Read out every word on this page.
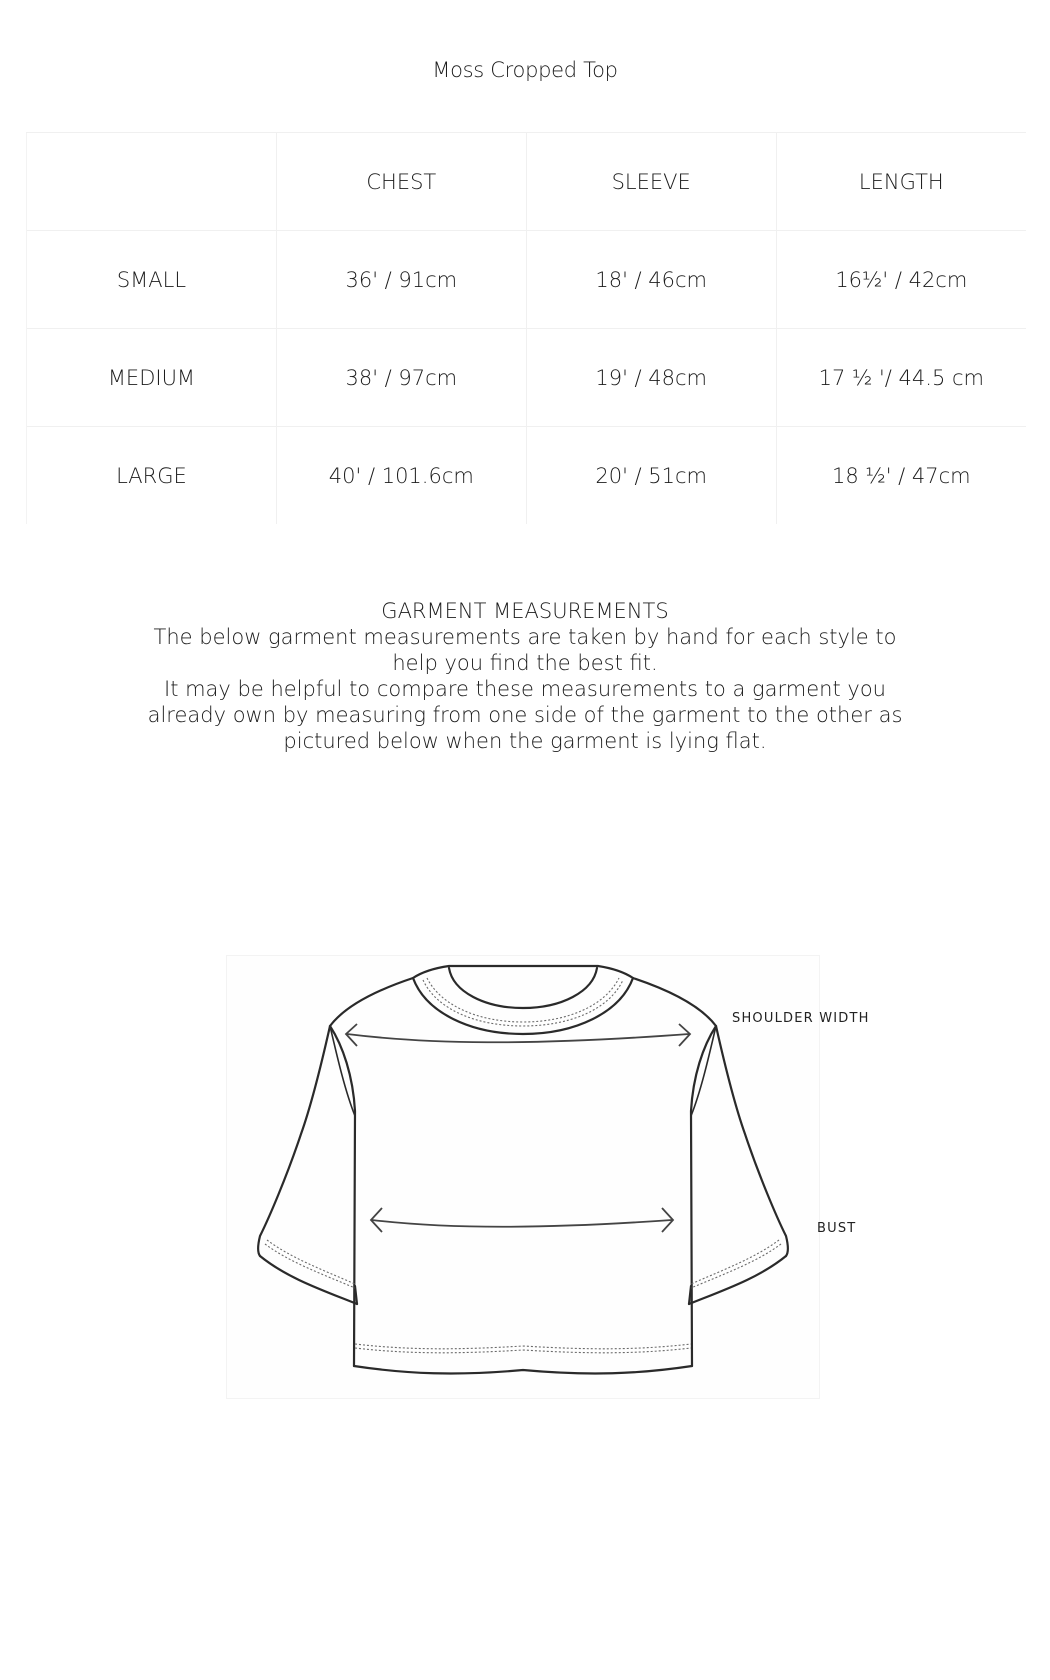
Moss Cropped Top
	CHEST	SLEEVE	LENGTH
SMALL	36' / 91cm	18' / 46cm	16½' / 42cm
MEDIUM	38' / 97cm	19' / 48cm	17 ½ '/ 44.5 cm
LARGE	40' / 101.6cm	20' / 51cm	18 ½' / 47cm

GARMENT MEASUREMENTS

The below garment measurements are taken by hand for each style to help you find the best fit.

It may be helpful to compare these measurements to a garment you already own by measuring from one side of the garment to the other as pictured below when the garment is lying flat.

SHOULDER WIDTH
BUST
